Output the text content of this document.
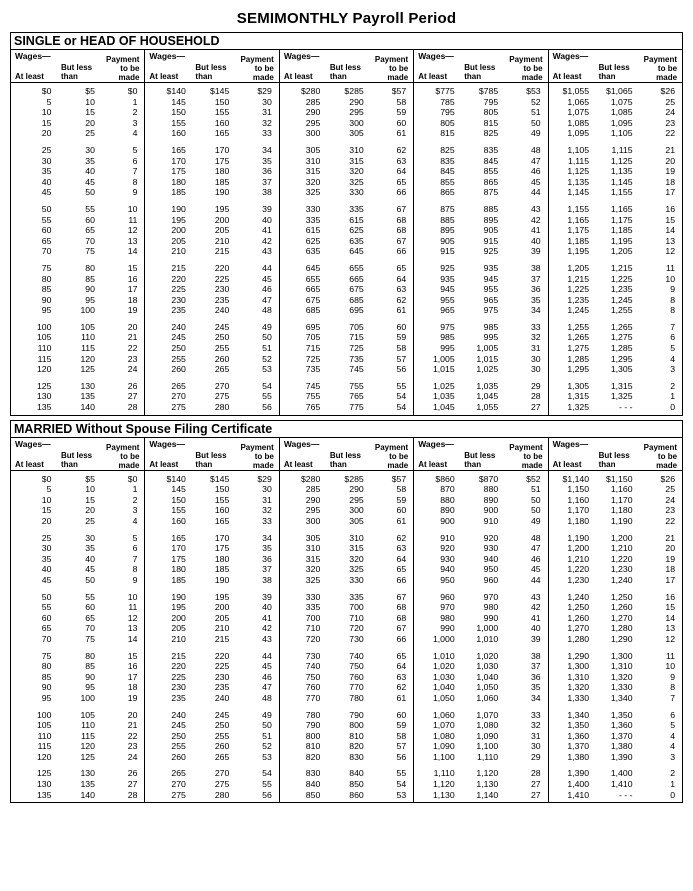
SEMIMONTHLY Payroll Period
SINGLE or HEAD OF HOUSEHOLD
Wages—	Payment
to be
made
At least
But less
than
$0	$5	$0
5	10	1
10	15	2
15	20	3
20	25	4

25	30	5
30	35	6
35	40	7
40	45	8
45	50	9

50	55	10
55	60	11
60	65	12
65	70	13
70	75	14

75	80	15
80	85	16
85	90	17
90	95	18
95	100	19

100	105	20
105	110	21
110	115	22
115	120	23
120	125	24

125	130	26
130	135	27
135	140	28
Wages—	Payment
to be
made
At least
But less
than
$140	$145	$29
145	150	30
150	155	31
155	160	32
160	165	33

165	170	34
170	175	35
175	180	36
180	185	37
185	190	38

190	195	39
195	200	40
200	205	41
205	210	42
210	215	43

215	220	44
220	225	45
225	230	46
230	235	47
235	240	48

240	245	49
245	250	50
250	255	51
255	260	52
260	265	53

265	270	54
270	275	55
275	280	56
Wages—	Payment
to be
made
At least
But less
than
$280	$285	$57
285	290	58
290	295	59
295	300	60
300	305	61

305	310	62
310	315	63
315	320	64
320	325	65
325	330	66

330	335	67
335	615	68
615	625	68
625	635	67
635	645	66

645	655	65
655	665	64
665	675	63
675	685	62
685	695	61

695	705	60
705	715	59
715	725	58
725	735	57
735	745	56

745	755	55
755	765	54
765	775	54
Wages—	Payment
to be
made
At least
But less
than
$775	$785	$53
785	795	52
795	805	51
805	815	50
815	825	49

825	835	48
835	845	47
845	855	46
855	865	45
865	875	44

875	885	43
885	895	42
895	905	41
905	915	40
915	925	39

925	935	38
935	945	37
945	955	36
955	965	35
965	975	34

975	985	33
985	995	32
995	1,005	31
1,005	1,015	30
1,015	1,025	30

1,025	1,035	29
1,035	1,045	28
1,045	1,055	27
Wages—	Payment
to be
made
At least
But less
than
$1,055	$1,065	$26
1,065	1,075	25
1,075	1,085	24
1,085	1,095	23
1,095	1,105	22

1,105	1,115	21
1,115	1,125	20
1,125	1,135	19
1,135	1,145	18
1,145	1,155	17

1,155	1,165	16
1,165	1,175	15
1,175	1,185	14
1,185	1,195	13
1,195	1,205	12

1,205	1,215	11
1,215	1,225	10
1,225	1,235	9
1,235	1,245	8
1,245	1,255	8

1,255	1,265	7
1,265	1,275	6
1,275	1,285	5
1,285	1,295	4
1,295	1,305	3

1,305	1,315	2
1,315	1,325	1
1,325	- - -	0
MARRIED Without Spouse Filing Certificate
Wages—	Payment
to be
made
At least
But less
than
$0	$5	$0
5	10	1
10	15	2
15	20	3
20	25	4

25	30	5
30	35	6
35	40	7
40	45	8
45	50	9

50	55	10
55	60	11
60	65	12
65	70	13
70	75	14

75	80	15
80	85	16
85	90	17
90	95	18
95	100	19

100	105	20
105	110	21
110	115	22
115	120	23
120	125	24

125	130	26
130	135	27
135	140	28
Wages—	Payment
to be
made
At least
But less
than
$140	$145	$29
145	150	30
150	155	31
155	160	32
160	165	33

165	170	34
170	175	35
175	180	36
180	185	37
185	190	38

190	195	39
195	200	40
200	205	41
205	210	42
210	215	43

215	220	44
220	225	45
225	230	46
230	235	47
235	240	48

240	245	49
245	250	50
250	255	51
255	260	52
260	265	53

265	270	54
270	275	55
275	280	56
Wages—	Payment
to be
made
At least
But less
than
$280	$285	$57
285	290	58
290	295	59
295	300	60
300	305	61

305	310	62
310	315	63
315	320	64
320	325	65
325	330	66

330	335	67
335	700	68
700	710	68
710	720	67
720	730	66

730	740	65
740	750	64
750	760	63
760	770	62
770	780	61

780	790	60
790	800	59
800	810	58
810	820	57
820	830	56

830	840	55
840	850	54
850	860	53
Wages—	Payment
to be
made
At least
But less
than
$860	$870	$52
870	880	51
880	890	50
890	900	50
900	910	49

910	920	48
920	930	47
930	940	46
940	950	45
950	960	44

960	970	43
970	980	42
980	990	41
990	1,000	40
1,000	1,010	39

1,010	1,020	38
1,020	1,030	37
1,030	1,040	36
1,040	1,050	35
1,050	1,060	34

1,060	1,070	33
1,070	1,080	32
1,080	1,090	31
1,090	1,100	30
1,100	1,110	29

1,110	1,120	28
1,120	1,130	27
1,130	1,140	27
Wages—	Payment
to be
made
At least
But less
than
$1,140	$1,150	$26
1,150	1,160	25
1,160	1,170	24
1,170	1,180	23
1,180	1,190	22

1,190	1,200	21
1,200	1,210	20
1,210	1,220	19
1,220	1,230	18
1,230	1,240	17

1,240	1,250	16
1,250	1,260	15
1,260	1,270	14
1,270	1,280	13
1,280	1,290	12

1,290	1,300	11
1,300	1,310	10
1,310	1,320	9
1,320	1,330	8
1,330	1,340	7

1,340	1,350	6
1,350	1,360	5
1,360	1,370	4
1,370	1,380	4
1,380	1,390	3

1,390	1,400	2
1,400	1,410	1
1,410	- - -	0
